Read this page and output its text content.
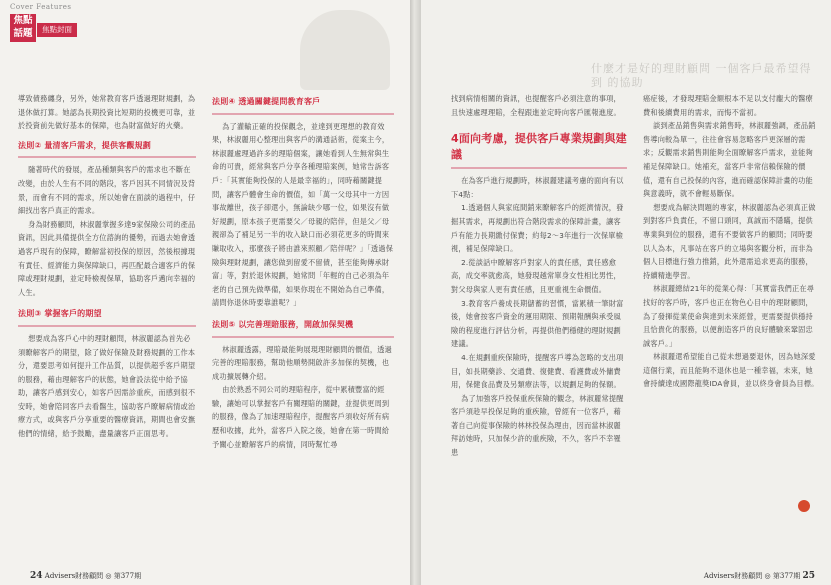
Cover Features
焦點話題	焦點封面

導致債務纏身，另外，她常教育客戶透過理財規劃，為退休做打算。她認為長期投資比短期的投機更可靠，並於投資前先做好基本的保障，也為財富做好的火藥。

法則② 量清客戶需求，提供客觀規劃

隨著時代的發展，產品種類與客戶的需求也不斷在改變，由於人生有不同的階段，客戶因其不同情況及背景，而會有不同的需求，所以她會在面談的過程中，仔細找出客戶真正的需求。

身為財務顧問，林淑麗掌握多達9家保險公司的產品資訊，因此具備提供全方位諮詢的優勢，而過去她會透過客戶現有的保障，瞭解當初投保的原因，然後根據現有責任、經濟能力與保障缺口，再匹配最合適客戶的保障或理財規劃，並定時檢視保單，協助客戶邁向幸福的人生。

法則③ 掌握客戶的期望

想要成為客戶心中的理財顧問，林淑麗認為首先必須瞭解客戶的期望，除了做好保險及財務規劃的工作本分，還要思考如何提升工作品質，以提供超乎客戶期望的服務，藉由理解客戶的狀態，她會設法從中給予協助，讓客戶感到安心，如客戶因需診重疾，而感到很不安時，她會陪同客戶去看醫生，協助客戶瞭解病情或治療方式，或與客戶分享重要的醫療資訊，期間也會安撫他們的情緒，給予鼓勵，盡量讓客戶正面思考。

法則④ 透過關鍵提問教育客戶

為了灌輸正確的投保觀念，並達到更理想的教育效果，林淑麗用心整理出與客戶的溝通話術，從案主今，林淑麗處理過許多的理賠個案，讓她看到人生無常與生命的可貴，經常與客戶分享各種理賠案例，她常告訴客戶：「其實能夠投保的人是最幸福的」，同時藉關鍵提問，讓客戶體會生命的價值，如「萬一父母其中一方因事故離世，孩子卻還小，無論缺少哪一位，如果沒有做好規劃，原本孩子更需要父／母親的陪伴，但是父／母親卻為了補足另一半的收入缺口而必須花更多的時間來賺取收入，那麼孩子將由誰來照顧／陪伴呢？」「透過保險與理財規劃，讓您做到留愛不留債，甚至能夠傳承財富」等，對於退休規劃，她常問「年輕的自己必須為年老的自己預先做準備，如果你現在不開始為自己準備，請問你退休時要靠誰呢？」

法則⑤ 以完善理賠服務，開啟加保契機

林淑麗透露，理賠最能夠展現理財顧問的價值，透過完善的理賠服務，幫助他順勢開啟許多加保的契機，也成功擴展轉介紹。

由於熟悉不同公司的理賠程序，從中累積豐富的經驗，讓她可以掌握客戶有關理賠的關鍵，並提供更周到的服務，像為了加速理賠程序，提醒客戶須收好所有病歷和收據，此外，當客戶入院之後，她會在第一時間給予關心並瞭解客戶的病情，同時幫忙尋

24 Advisers財務顧問 ◎ 第377期
什麼才是好的理財顧問 一個客戶最希望得到 的協助

找到病情相關的資訊，也提醒客戶必須注意的事項，且快速處理理賠，全程跟進並定時向客戶匯報進度。

4面向考慮，提供客戶專業規劃與建議

在為客戶進行規劃時，林淑麗建議考慮的面向有以下4點：

1.透過個人與家庭間銷來瞭解客戶的經濟情況，發掘其需求，再規劃出符合階段需求的保障計畫，讓客戶有能力長期繳付保費；約每2～3年進行一次保單檢視，補足保障缺口。

2.從談話中瞭解客戶對家人的責任感，責任感愈高，成交率就愈高，她發現越常單身女性相比男性，對父母與家人更有責任感，且更重視生命價值。

3.教育客戶養成長期儲蓄的習慣，當累積一筆財富後，她會按客戶資金的運用期限、預期報酬與承受風險的程度進行評估分析，再提供他們穩健的理財規劃建議。

4.在規劃重疾保險時，提醒客戶導為忽略的支出項目，如長期藥診、交通費、復健費、看護費或外傭費用，保健食品費及另類療法等，以規劃足夠的保額。

為了加強客戶投保重疾保險的觀念，林淑麗常提醒客戶須趁早投保足夠的重疾險，曾經有一位客戶，藉著自己向從事保險的林林投保為理由，因而當林淑麗拜訪她時，只加保少許的重疾險，不久，客戶不幸罹患

癌症後，才發現理賠金額根本不足以支付龐大的醫療費和後續費用的需求，而悔不當初。

談到產品銷售與需求銷售時，林淑麗強調，產品銷售導向較為單一，往往會容易忽略客戶更深層的需求；反觀需求銷售則能夠全面瞭解客戶需求，並能夠補足保障缺口。她補充，當客戶非常信賴保險的價值，還有自己投保的內容，進而確認保障計畫的功能與意義時，就不會輕易斷保。

想要成為解決問題的專家，林淑麗認為必須真正做到對客戶負責任，不留口頭同，真誠而不隱瞞，提供專業與到位的服務，還有不要做客戶的顧問；同時要以人為本，凡事站在客戶的立場與客觀分析，而非為個人目標進行強力推銷，此外還需追求更高的服務，持續精進學習。

林淑麗總結21年的從業心得：「其實當我們正在尋找好的客戶時，客戶也正在物色心目中的理財顧問，為了發揮從業使命與達到未來經營，更需要提供穩持且恰貴化的服務，以便創造客戶的良好體驗來鞏固忠誠客戶。」

林淑麗還希望能自己從未想過要退休，因為她深愛這個行業，而且能夠不退休也是一種幸福，未來，她會持續達成國際龍獎IDA會員，並以終身會員為目標。

Advisers財務顧問 ◎ 第377期 25
